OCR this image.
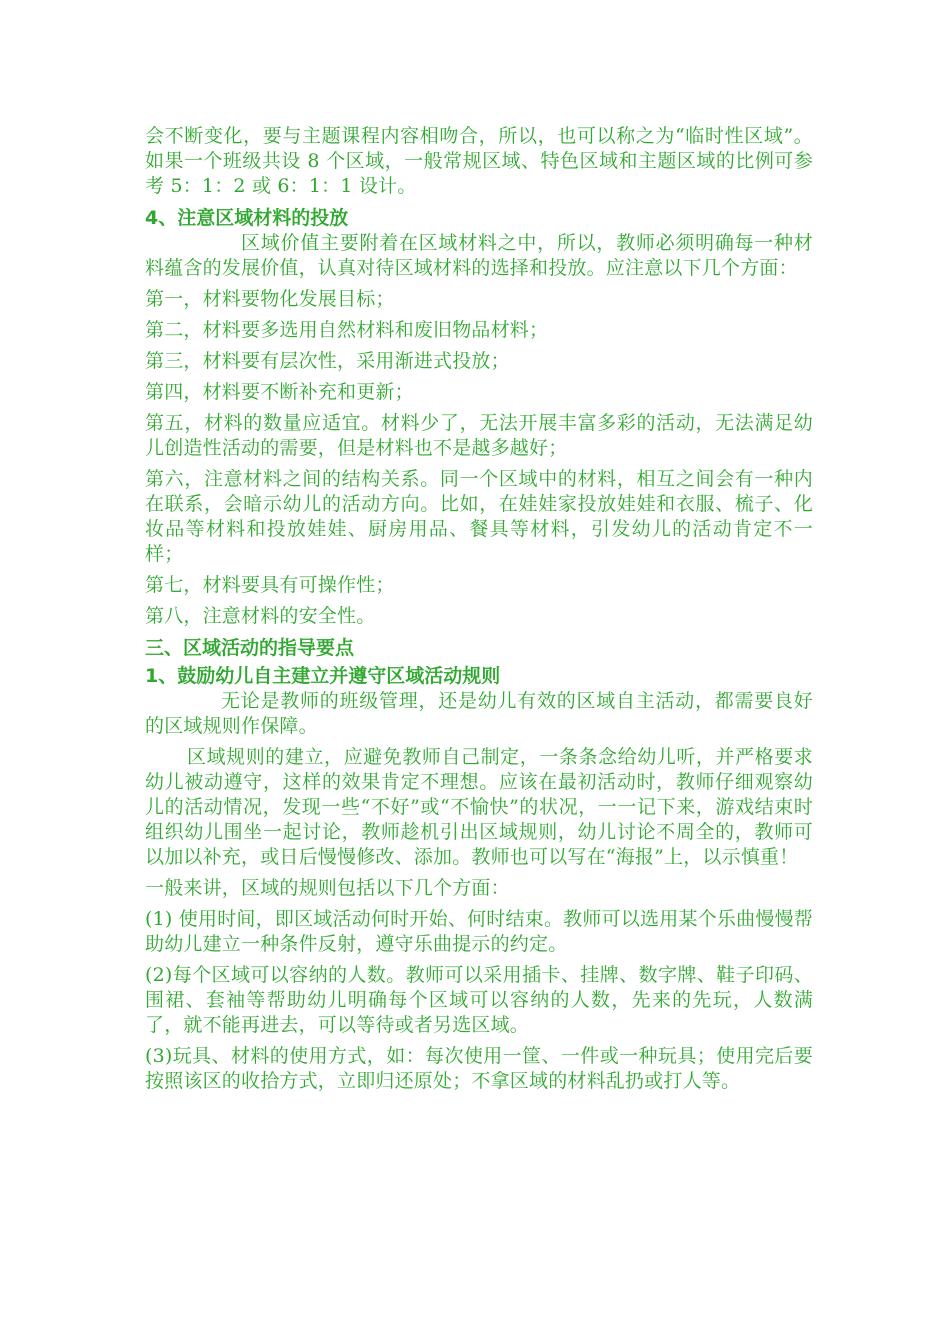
会不断变化，要与主题课程内容相吻合，所以，也可以称之为“临时性区域”。如果一个班级共设 8 个区域，一般常规区域、特色区域和主题区域的比例可参考 5：1：2 或 6：1：1 设计。

4、注意区域材料的投放

区域价值主要附着在区域材料之中，所以，教师必须明确每一种材料蕴含的发展价值，认真对待区域材料的选择和投放。应注意以下几个方面：

第一，材料要物化发展目标；

第二，材料要多选用自然材料和废旧物品材料；

第三，材料要有层次性，采用渐进式投放；

第四，材料要不断补充和更新；

第五，材料的数量应适宜。材料少了，无法开展丰富多彩的活动，无法满足幼儿创造性活动的需要，但是材料也不是越多越好；

第六，注意材料之间的结构关系。同一个区域中的材料，相互之间会有一种内在联系，会暗示幼儿的活动方向。比如，在娃娃家投放娃娃和衣服、梳子、化妆品等材料和投放娃娃、厨房用品、餐具等材料，引发幼儿的活动肯定不一样；

第七，材料要具有可操作性；

第八，注意材料的安全性。

三、区域活动的指导要点
1、鼓励幼儿自主建立并遵守区域活动规则

无论是教师的班级管理，还是幼儿有效的区域自主活动，都需要良好的区域规则作保障。

区域规则的建立，应避免教师自己制定，一条条念给幼儿听，并严格要求幼儿被动遵守，这样的效果肯定不理想。应该在最初活动时，教师仔细观察幼儿的活动情况，发现一些“不好”或“不愉快”的状况，一一记下来，游戏结束时组织幼儿围坐一起讨论，教师趁机引出区域规则，幼儿讨论不周全的，教师可以加以补充，或日后慢慢修改、添加。教师也可以写在“海报”上，以示慎重！

一般来讲，区域的规则包括以下几个方面：

(1) 使用时间，即区域活动何时开始、何时结束。教师可以选用某个乐曲慢慢帮助幼儿建立一种条件反射，遵守乐曲提示的约定。

(2)每个区域可以容纳的人数。教师可以采用插卡、挂牌、数字牌、鞋子印码、围裙、套袖等帮助幼儿明确每个区域可以容纳的人数，先来的先玩，人数满了，就不能再进去，可以等待或者另选区域。

(3)玩具、材料的使用方式，如：每次使用一筐、一件或一种玩具；使用完后要按照该区的收拾方式，立即归还原处；不拿区域的材料乱扔或打人等。
